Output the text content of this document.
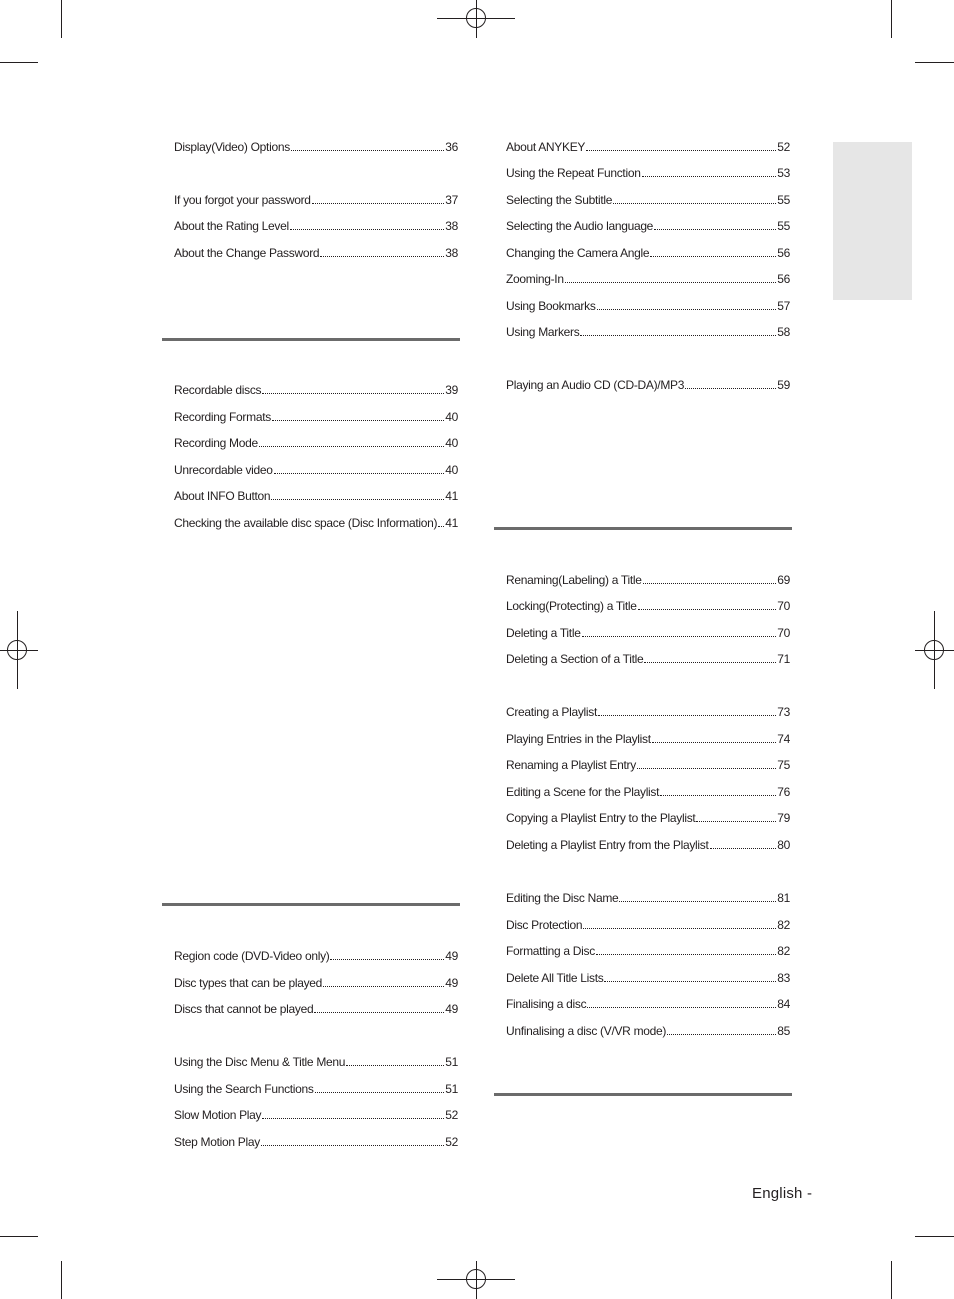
Display(Video) Options	36
If you forgot your password	37
About the Rating Level	38
About the Change Password	38
Recordable discs	39
Recording Formats	40
Recording Mode	40
Unrecordable video	40
About INFO Button	41
Checking the available disc space (Disc Information) 41
Region code (DVD-Video only)	49
Disc types that can be played	49
Discs that cannot be played	49
Using the Disc Menu & Title Menu	51
Using the Search Functions	51
Slow Motion Play	52
Step Motion Play	52
About ANYKEY	52
Using the Repeat Function	53
Selecting the Subtitle	55
Selecting the Audio language	55
Changing the Camera Angle	56
Zooming-In	56
Using Bookmarks	57
Using Markers	58
Playing an Audio CD (CD-DA)/MP3	59
Renaming(Labeling) a Title	69
Locking(Protecting) a Title	70
Deleting a Title	70
Deleting a Section of a Title	71
Creating a Playlist	73
Playing Entries in the Playlist	74
Renaming a Playlist Entry	75
Editing a Scene for the Playlist	76
Copying a Playlist Entry to the Playlist	79
Deleting a Playlist Entry from the Playlist	80
Editing the Disc Name	81
Disc Protection	82
Formatting a Disc	82
Delete All Title Lists	83
Finalising a disc	84
Unfinalising a disc (V/VR mode)	85
English -
